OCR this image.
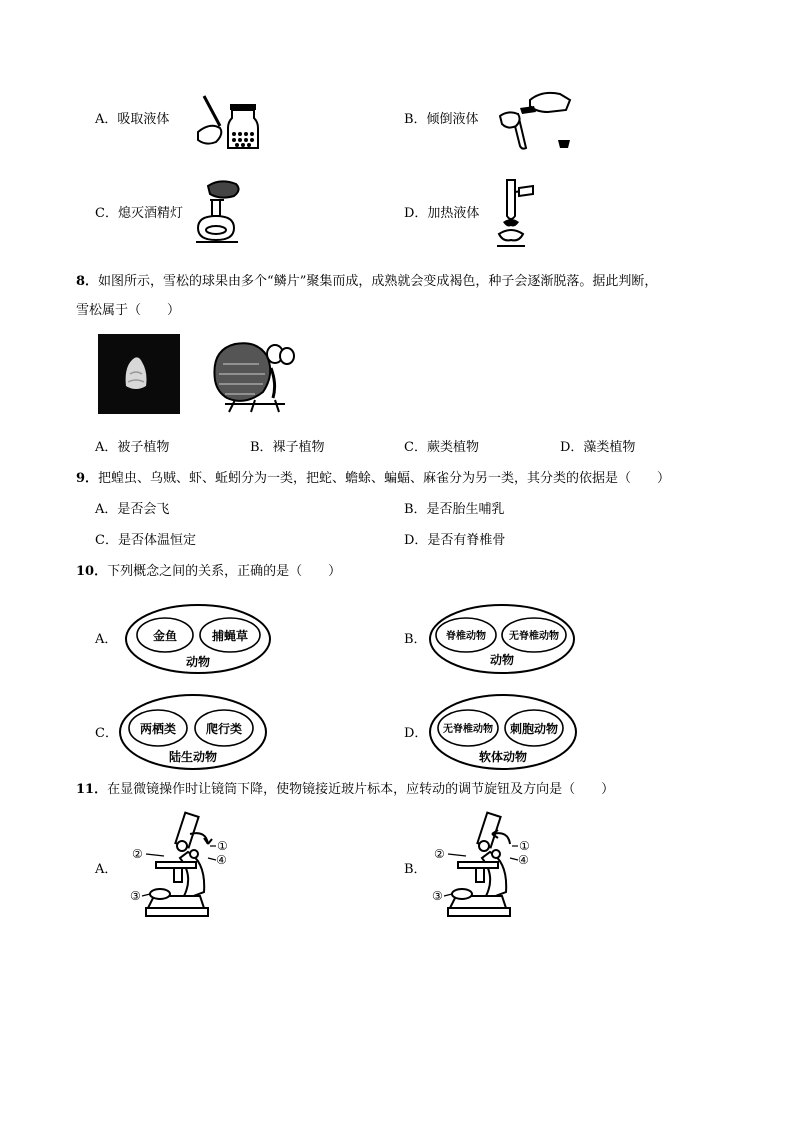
A．吸取液体	B．倾倒液体
C．熄灭酒精灯	D．加热液体
8．如图所示，雪松的球果由多个“鳞片”聚集而成，成熟就会变成褐色，种子会逐渐脱落。据此判断，
雪松属于（　　）
A．被子植物	B．裸子植物	C．蕨类植物	D．藻类植物
9．把蝗虫、乌贼、虾、蚯蚓分为一类，把蛇、蟾蜍、蝙蝠、麻雀分为另一类，其分类的依据是（　　）
A．是否会飞	B．是否胎生哺乳
C．是否体温恒定	D．是否有脊椎骨
10．下列概念之间的关系，正确的是（　　）
A．	金鱼	捕蝇草
动物
B． 脊椎动物 无脊椎动物
动物
C． 两栖类 爬行类
陆生动物
D． 无脊椎动物 刺胞动物
软体动物
11．在显微镜操作时让镜筒下降，使物镜接近玻片标本，应转动的调节旋钮及方向是（　　）
A．
①
④
②
③
B．
①
④
②
③
